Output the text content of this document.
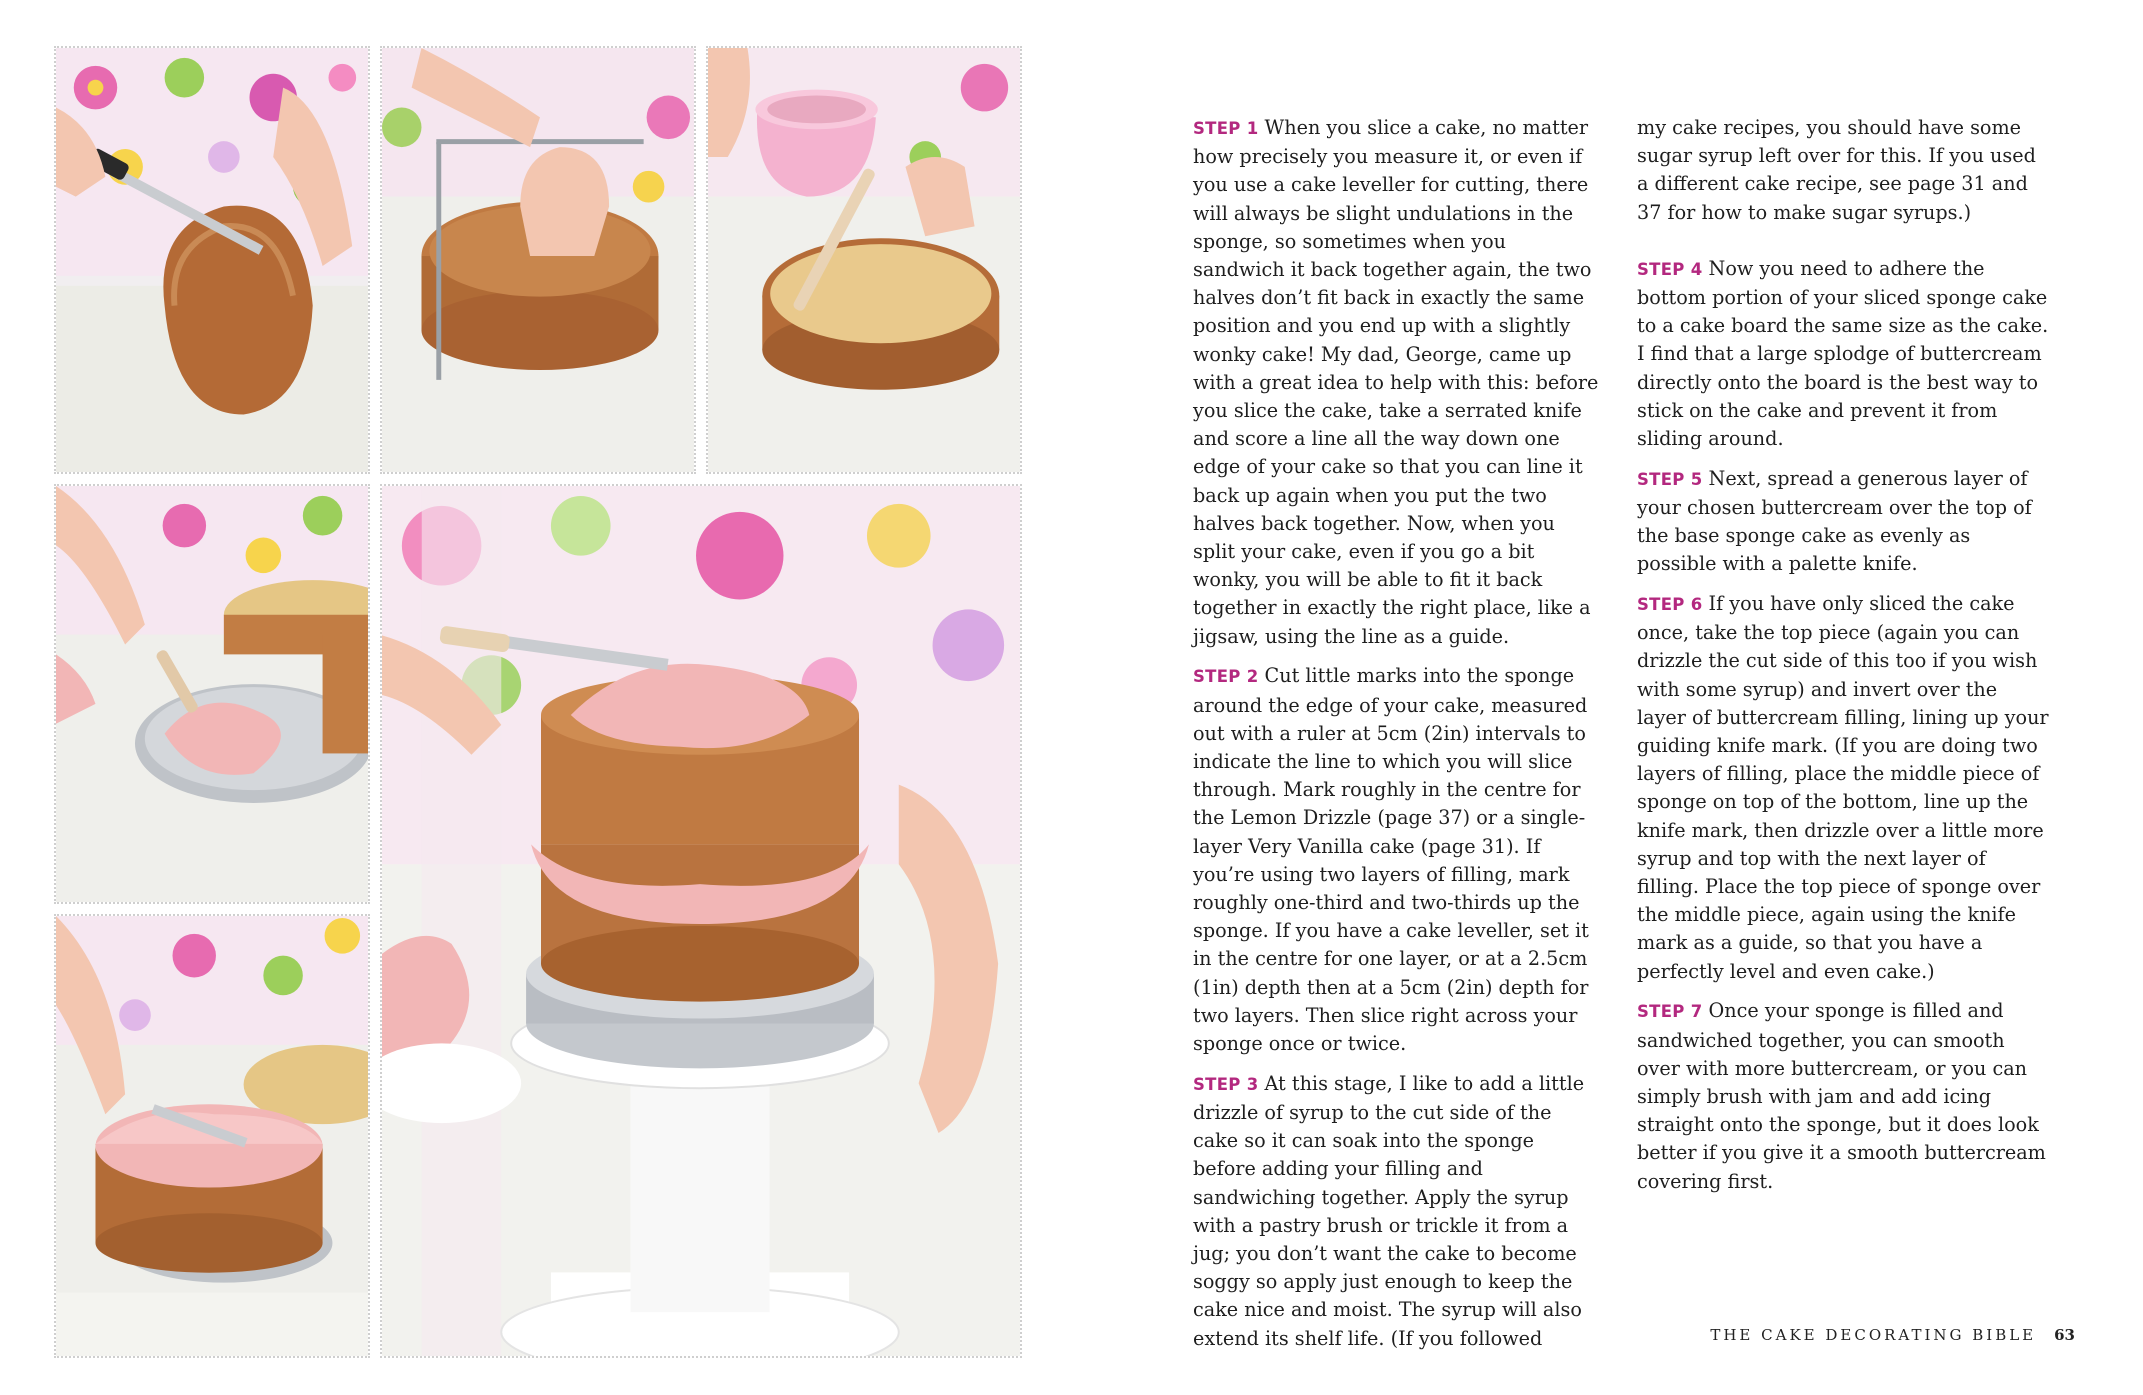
STEP 1 When you slice a cake, no matter how precisely you measure it, or even if you use a cake leveller for cutting, there will always be slight undulations in the sponge, so sometimes when you sandwich it back together again, the two halves don’t fit back in exactly the same position and you end up with a slightly wonky cake! My dad, George, came up with a great idea to help with this: before you slice the cake, take a serrated knife and score a line all the way down one edge of your cake so that you can line it back up again when you put the two halves back together. Now, when you split your cake, even if you go a bit wonky, you will be able to fit it back together in exactly the right place, like a jigsaw, using the line as a guide.

STEP 2 Cut little marks into the sponge around the edge of your cake, measured out with a ruler at 5cm (2in) intervals to indicate the line to which you will slice through. Mark roughly in the centre for the Lemon Drizzle (page 37) or a single-layer Very Vanilla cake (page 31). If you’re using two layers of filling, mark roughly one-third and two-thirds up the sponge. If you have a cake leveller, set it in the centre for one layer, or at a 2.5cm (1in) depth then at a 5cm (2in) depth for two layers. Then slice right across your sponge once or twice.

STEP 3 At this stage, I like to add a little drizzle of syrup to the cut side of the cake so it can soak into the sponge before adding your filling and sandwiching together. Apply the syrup with a pastry brush or trickle it from a jug; you don’t want the cake to become soggy so apply just enough to keep the cake nice and moist. The syrup will also extend its shelf life. (If you followed

my cake recipes, you should have some sugar syrup left over for this. If you used a different cake recipe, see page 31 and 37 for how to make sugar syrups.)

STEP 4 Now you need to adhere the bottom portion of your sliced sponge cake to a cake board the same size as the cake. I find that a large splodge of buttercream directly onto the board is the best way to stick on the cake and prevent it from sliding around.

STEP 5 Next, spread a generous layer of your chosen buttercream over the top of the base sponge cake as evenly as possible with a palette knife.

STEP 6 If you have only sliced the cake once, take the top piece (again you can drizzle the cut side of this too if you wish with some syrup) and invert over the layer of buttercream filling, lining up your guiding knife mark. (If you are doing two layers of filling, place the middle piece of sponge on top of the bottom, line up the knife mark, then drizzle over a little more syrup and top with the next layer of filling. Place the top piece of sponge over the middle piece, again using the knife mark as a guide, so that you have a perfectly level and even cake.)

STEP 7 Once your sponge is filled and sandwiched together, you can smooth over with more buttercream, or you can simply brush with jam and add icing straight onto the sponge, but it does look better if you give it a smooth buttercream covering first.

THE CAKE DECORATING BIBLE 63
